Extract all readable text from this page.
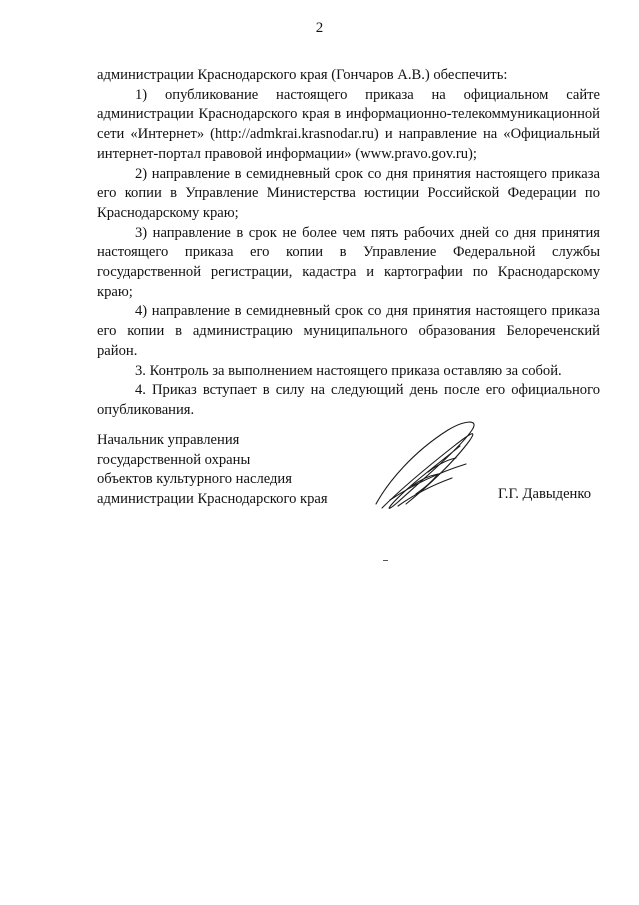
2

администрации Краснодарского края (Гончаров А.В.) обеспечить:

1) опубликование настоящего приказа на официальном сайте администрации Краснодарского края в информационно-телекоммуникационной сети «Интернет» (http://admkrai.krasnodar.ru) и направление на «Официальный интернет-портал правовой информации» (www.pravo.gov.ru);

2) направление в семидневный срок со дня принятия настоящего приказа его копии в Управление Министерства юстиции Российской Федерации по Краснодарскому краю;

3) направление в срок не более чем пять рабочих дней со дня принятия настоящего приказа его копии в Управление Федеральной службы государственной регистрации, кадастра и картографии по Краснодарскому краю;

4) направление в семидневный срок со дня принятия настоящего приказа его копии в администрацию муниципального образования Белореченский район.

3. Контроль за выполнением настоящего приказа оставляю за собой.

4. Приказ вступает в силу на следующий день после его официального опубликования.

Начальник управления
государственной охраны
объектов культурного наследия
администрации Краснодарского края	Г.Г. Давыденко
